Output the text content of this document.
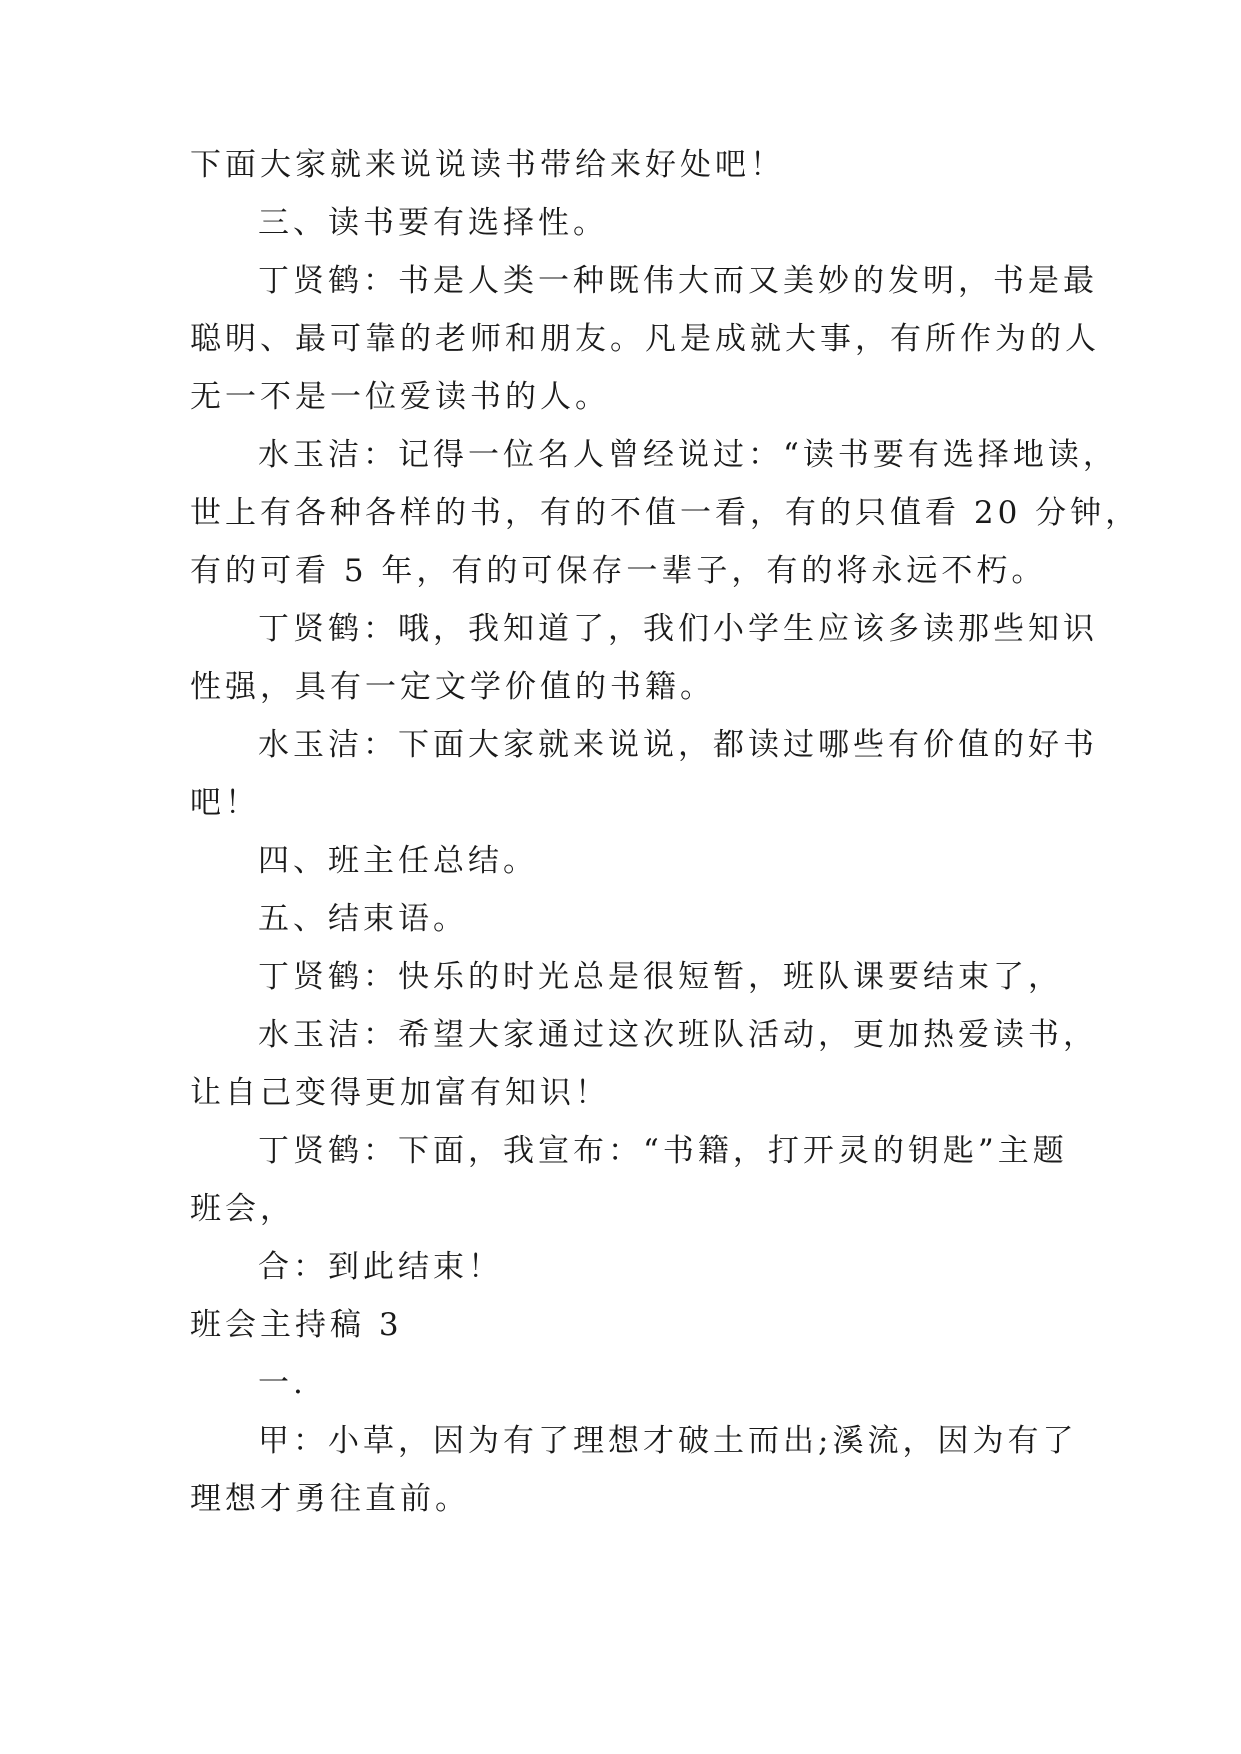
下面大家就来说说读书带给来好处吧！
三、读书要有选择性。
丁贤鹤：书是人类一种既伟大而又美妙的发明，书是最
聪明、最可靠的老师和朋友。凡是成就大事，有所作为的人
无一不是一位爱读书的人。
水玉洁：记得一位名人曾经说过：“读书要有选择地读，
世上有各种各样的书，有的不值一看，有的只值看 20 分钟，
有的可看 5 年，有的可保存一辈子，有的将永远不朽。
丁贤鹤：哦，我知道了，我们小学生应该多读那些知识
性强，具有一定文学价值的书籍。
水玉洁：下面大家就来说说，都读过哪些有价值的好书
吧！
四、班主任总结。
五、结束语。
丁贤鹤：快乐的时光总是很短暂，班队课要结束了，
水玉洁：希望大家通过这次班队活动，更加热爱读书，
让自己变得更加富有知识！
丁贤鹤：下面，我宣布：“书籍，打开灵的钥匙”主题
班会，
合：到此结束！
班会主持稿 3
一.
甲：小草，因为有了理想才破土而出;溪流，因为有了
理想才勇往直前。
